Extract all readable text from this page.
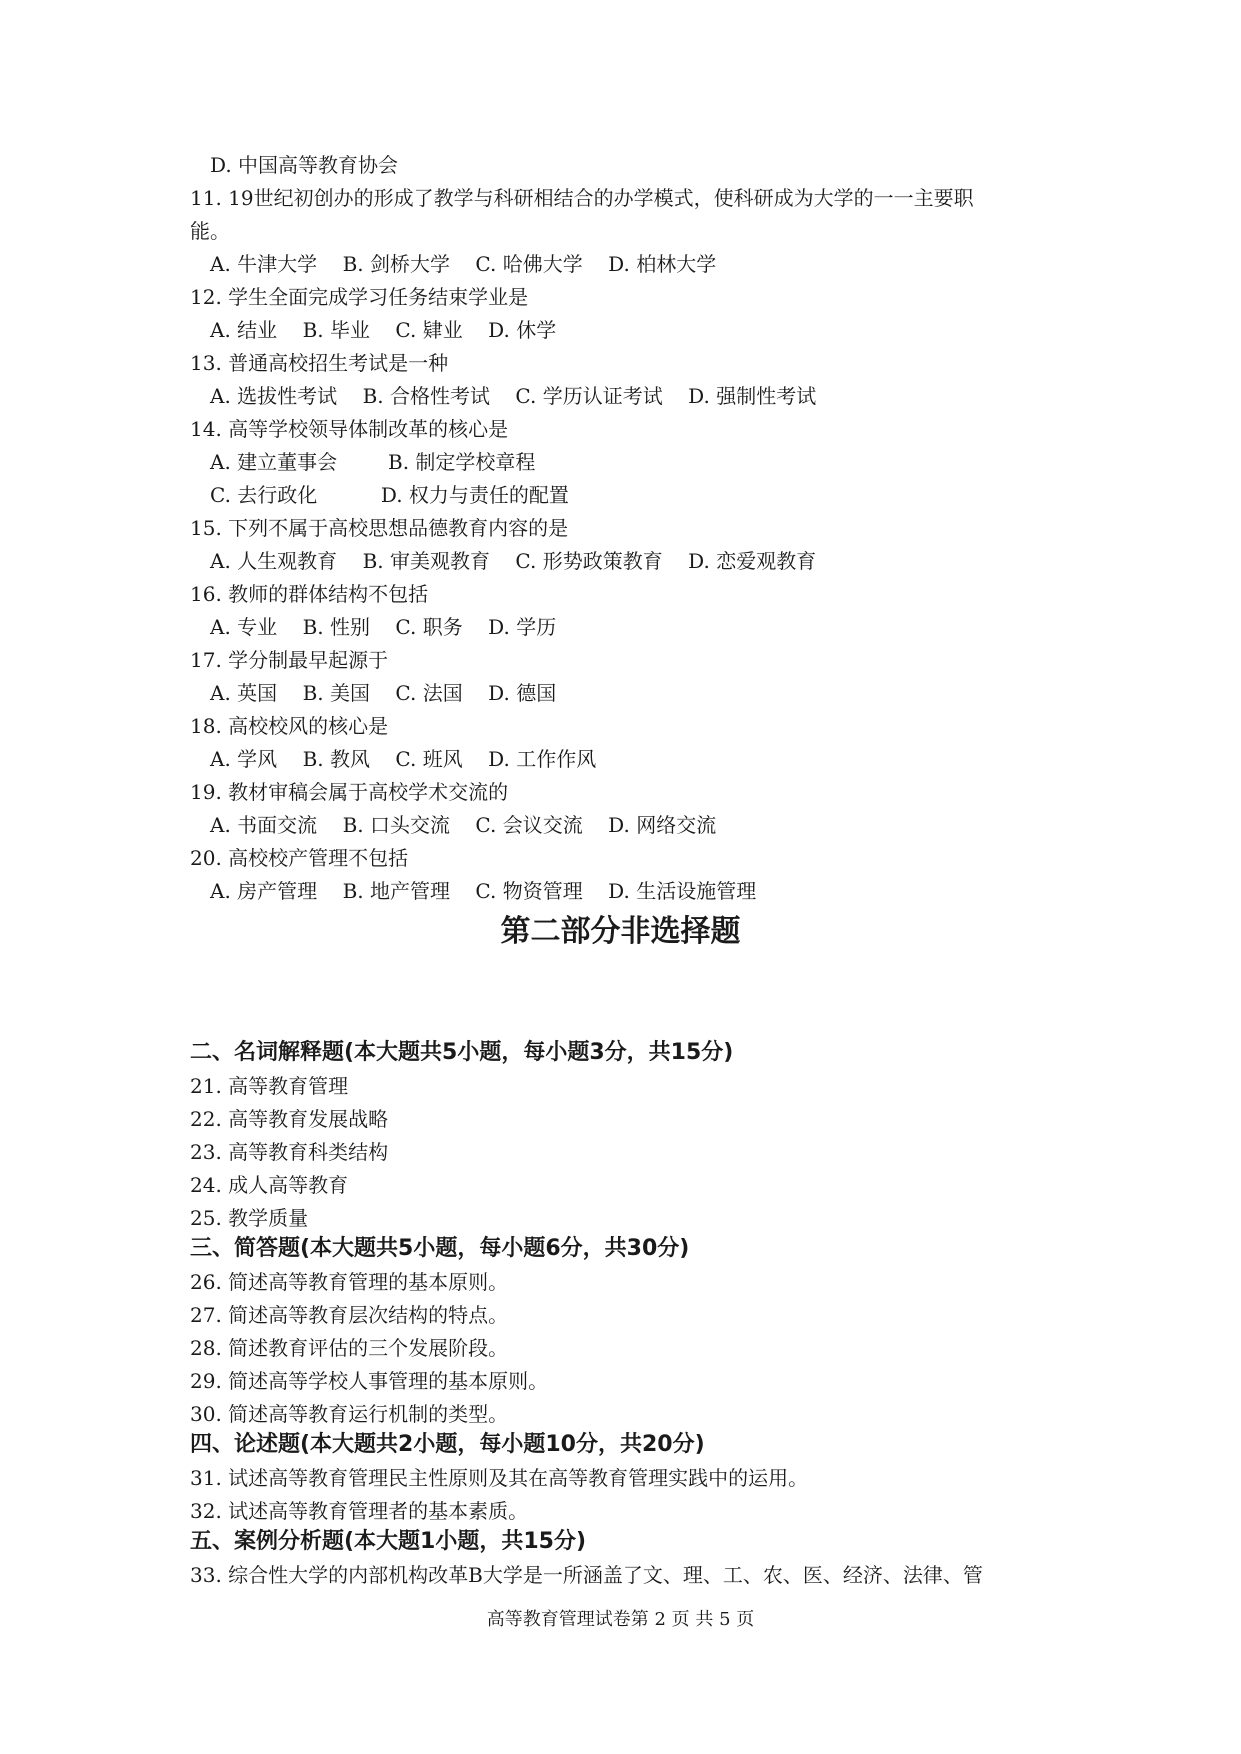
D. 中国高等教育协会
11. 19世纪初创办的形成了教学与科研相结合的办学模式，使科研成为大学的一一主要职
能。
A. 牛津大学    B. 剑桥大学    C. 哈佛大学    D. 柏林大学
12. 学生全面完成学习任务结束学业是
A. 结业    B. 毕业    C. 肄业    D. 休学
13. 普通高校招生考试是一种
A. 选拔性考试    B. 合格性考试    C. 学历认证考试    D. 强制性考试
14. 高等学校领导体制改革的核心是
A. 建立董事会        B. 制定学校章程
C. 去行政化          D. 权力与责任的配置
15. 下列不属于高校思想品德教育内容的是
A. 人生观教育    B. 审美观教育    C. 形势政策教育    D. 恋爱观教育
16. 教师的群体结构不包括
A. 专业    B. 性别    C. 职务    D. 学历
17. 学分制最早起源于
A. 英国    B. 美国    C. 法国    D. 德国
18. 高校校风的核心是
A. 学风    B. 教风    C. 班风    D. 工作作风
19. 教材审稿会属于高校学术交流的
A. 书面交流    B. 口头交流    C. 会议交流    D. 网络交流
20. 高校校产管理不包括
A. 房产管理    B. 地产管理    C. 物资管理    D. 生活设施管理
第二部分非选择题
二、名词解释题(本大题共5小题，每小题3分，共15分)
21. 高等教育管理
22. 高等教育发展战略
23. 高等教育科类结构
24. 成人高等教育
25. 教学质量
三、简答题(本大题共5小题，每小题6分，共30分)
26. 简述高等教育管理的基本原则。
27. 简述高等教育层次结构的特点。
28. 简述教育评估的三个发展阶段。
29. 简述高等学校人事管理的基本原则。
30. 简述高等教育运行机制的类型。
四、论述题(本大题共2小题，每小题10分，共20分)
31. 试述高等教育管理民主性原则及其在高等教育管理实践中的运用。
32. 试述高等教育管理者的基本素质。
五、案例分析题(本大题1小题，共15分)
33. 综合性大学的内部机构改革B大学是一所涵盖了文、理、工、农、医、经济、法律、管
高等教育管理试卷第 2 页 共 5 页
